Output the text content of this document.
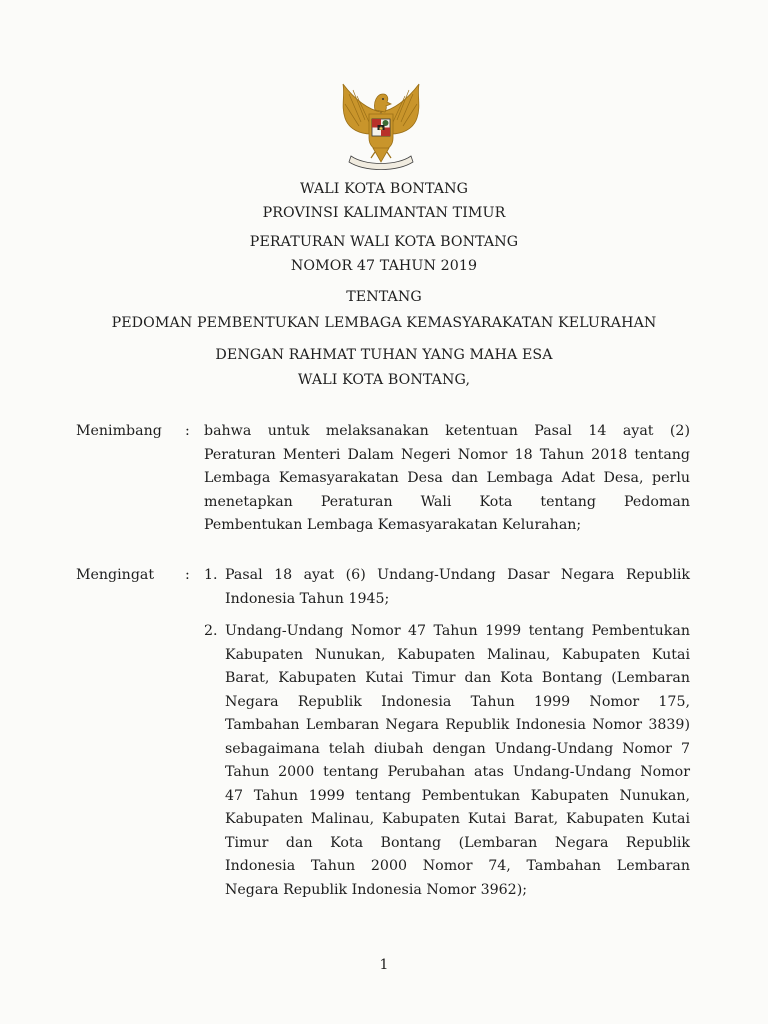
WALI KOTA BONTANG
PROVINSI KALIMANTAN TIMUR
PERATURAN WALI KOTA BONTANG
NOMOR 47 TAHUN 2019
TENTANG
PEDOMAN PEMBENTUKAN LEMBAGA KEMASYARAKATAN KELURAHAN
DENGAN RAHMAT TUHAN YANG MAHA ESA
WALI KOTA BONTANG,
Menimbang : bahwa untuk melaksanakan ketentuan Pasal 14 ayat (2)
Peraturan Menteri Dalam Negeri Nomor 18 Tahun 2018 tentang
Lembaga Kemasyarakatan Desa dan Lembaga Adat Desa, perlu
menetapkan Peraturan Wali Kota tentang Pedoman
Pembentukan Lembaga Kemasyarakatan Kelurahan;
Mengingat : 1. Pasal 18 ayat (6) Undang-Undang Dasar Negara Republik
Indonesia Tahun 1945;
2. Undang-Undang Nomor 47 Tahun 1999 tentang Pembentukan
Kabupaten Nunukan, Kabupaten Malinau, Kabupaten Kutai
Barat, Kabupaten Kutai Timur dan Kota Bontang (Lembaran
Negara Republik Indonesia Tahun 1999 Nomor 175,
Tambahan Lembaran Negara Republik Indonesia Nomor 3839)
sebagaimana telah diubah dengan Undang-Undang Nomor 7
Tahun 2000 tentang Perubahan atas Undang-Undang Nomor
47 Tahun 1999 tentang Pembentukan Kabupaten Nunukan,
Kabupaten Malinau, Kabupaten Kutai Barat, Kabupaten Kutai
Timur dan Kota Bontang (Lembaran Negara Republik
Indonesia Tahun 2000 Nomor 74, Tambahan Lembaran
Negara Republik Indonesia Nomor 3962);
1
